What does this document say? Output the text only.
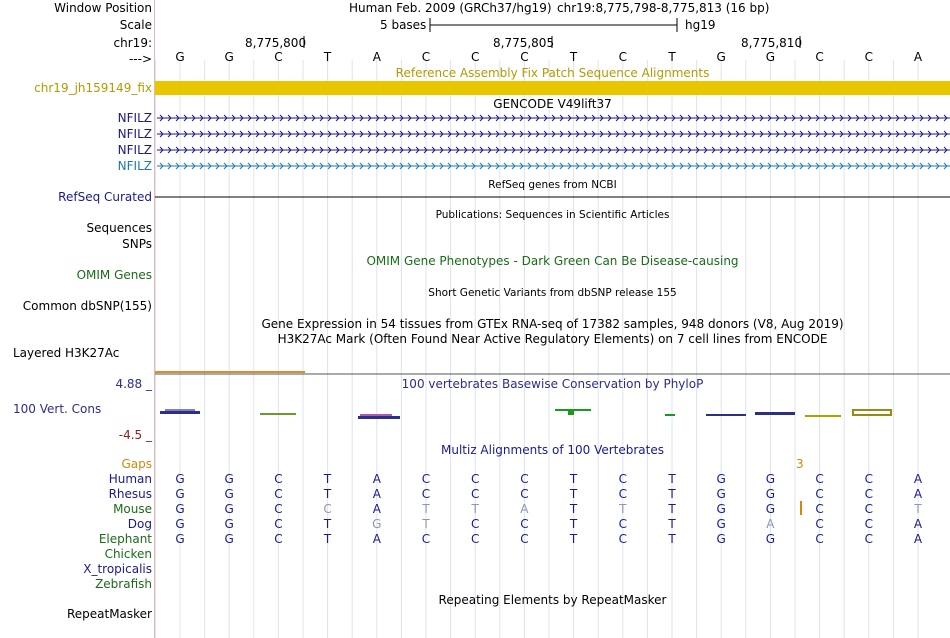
Window Position
Scale
chr19:
--->
Human Feb. 2009 (GRCh37/hg19) chr19:8,775,798-8,775,813 (16 bp)
5 bases	hg19
8,775,800	8,775,805	8,775,810
G	G	C	T	A	C	C	C	T	C	T	G	G	C	C	A
Reference Assembly Fix Patch Sequence Alignments
chr19_jh159149_fix
GENCODE V49lift37
NFILZ
NFILZ
NFILZ
NFILZ
RefSeq genes from NCBI
RefSeq Curated
Publications: Sequences in Scientific Articles
Sequences
SNPs
OMIM Gene Phenotypes - Dark Green Can Be Disease-causing
OMIM Genes
Short Genetic Variants from dbSNP release 155
Common dbSNP(155)
Gene Expression in 54 tissues from GTEx RNA-seq of 17382 samples, 948 donors (V8, Aug 2019)
H3K27Ac Mark (Often Found Near Active Regulatory Elements) on 7 cell lines from ENCODE
Layered H3K27Ac
4.88 _	100 vertebrates Basewise Conservation by PhyloP
100 Vert. Cons
-4.5 _
Multiz Alignments of 100 Vertebrates
Gaps	3
Human	G	G	C	T	A	C	C	C	T	C	T	G	G	C	C	A
Rhesus	G	G	C	T	A	C	C	C	T	C	T	G	G	C	C	A
Mouse	G	G	C	C	A	T	T	A	T	T	T	G	G	C	C	T
Dog	G	G	C	T	G	T	C	C	T	C	T	G	A	C	C	A
Elephant	G	G	C	T	A	C	C	C	T	C	T	G	G	C	C	A
Chicken
X_tropicalis
Zebrafish
Repeating Elements by RepeatMasker
RepeatMasker
